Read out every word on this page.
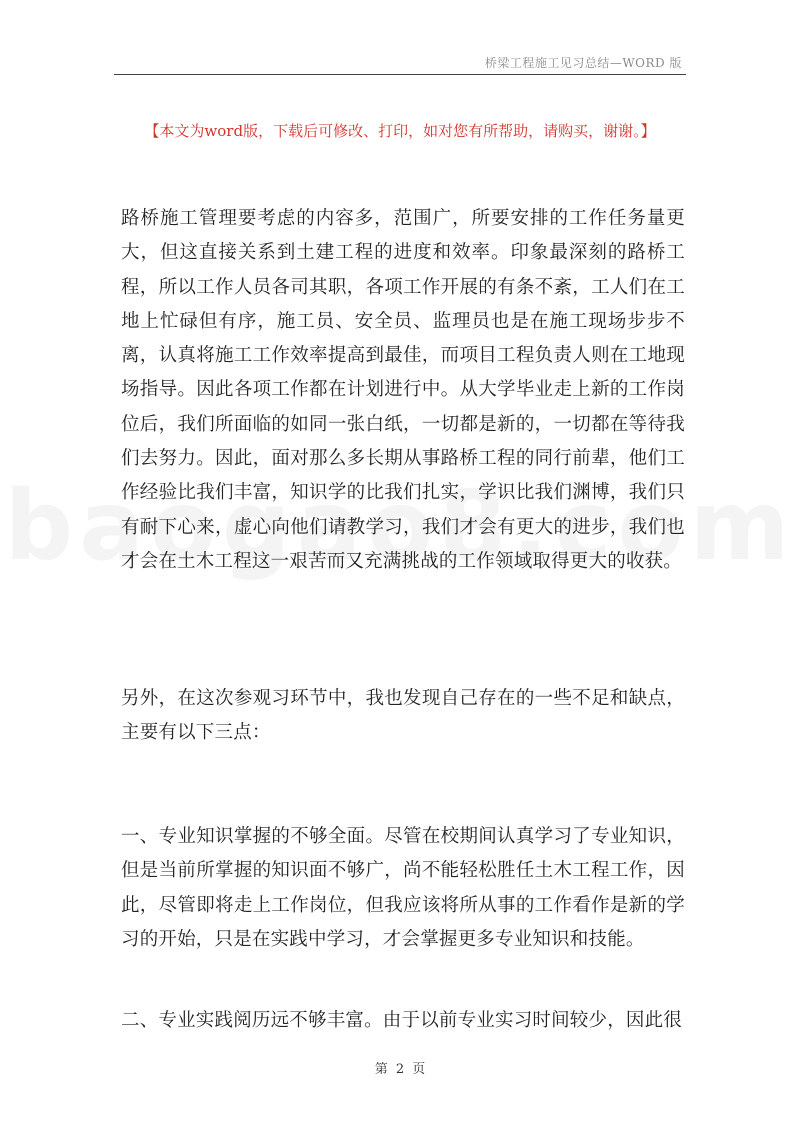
桥梁工程施工见习总结—WORD 版
【本文为word版，下载后可修改、打印，如对您有所帮助，请购买，谢谢。】

路桥施工管理要考虑的内容多，范围广，所要安排的工作任务量更大，但这直接关系到土建工程的进度和效率。印象最深刻的路桥工程，所以工作人员各司其职，各项工作开展的有条不紊，工人们在工地上忙碌但有序，施工员、安全员、监理员也是在施工现场步步不离，认真将施工工作效率提高到最佳，而项目工程负责人则在工地现场指导。因此各项工作都在计划进行中。从大学毕业走上新的工作岗位后，我们所面临的如同一张白纸，一切都是新的，一切都在等待我们去努力。因此，面对那么多长期从事路桥工程的同行前辈，他们工作经验比我们丰富，知识学的比我们扎实，学识比我们渊博，我们只有耐下心来，虚心向他们请教学习，我们才会有更大的进步，我们也才会在土木工程这一艰苦而又充满挑战的工作领域取得更大的收获。

另外，在这次参观习环节中，我也发现自己存在的一些不足和缺点，主要有以下三点：

一、专业知识掌握的不够全面。尽管在校期间认真学习了专业知识，但是当前所掌握的知识面不够广，尚不能轻松胜任土木工程工作，因此，尽管即将走上工作岗位，但我应该将所从事的工作看作是新的学习的开始，只是在实践中学习，才会掌握更多专业知识和技能。

二、专业实践阅历远不够丰富。由于以前专业实习时间较少，因此很

第 2 页
